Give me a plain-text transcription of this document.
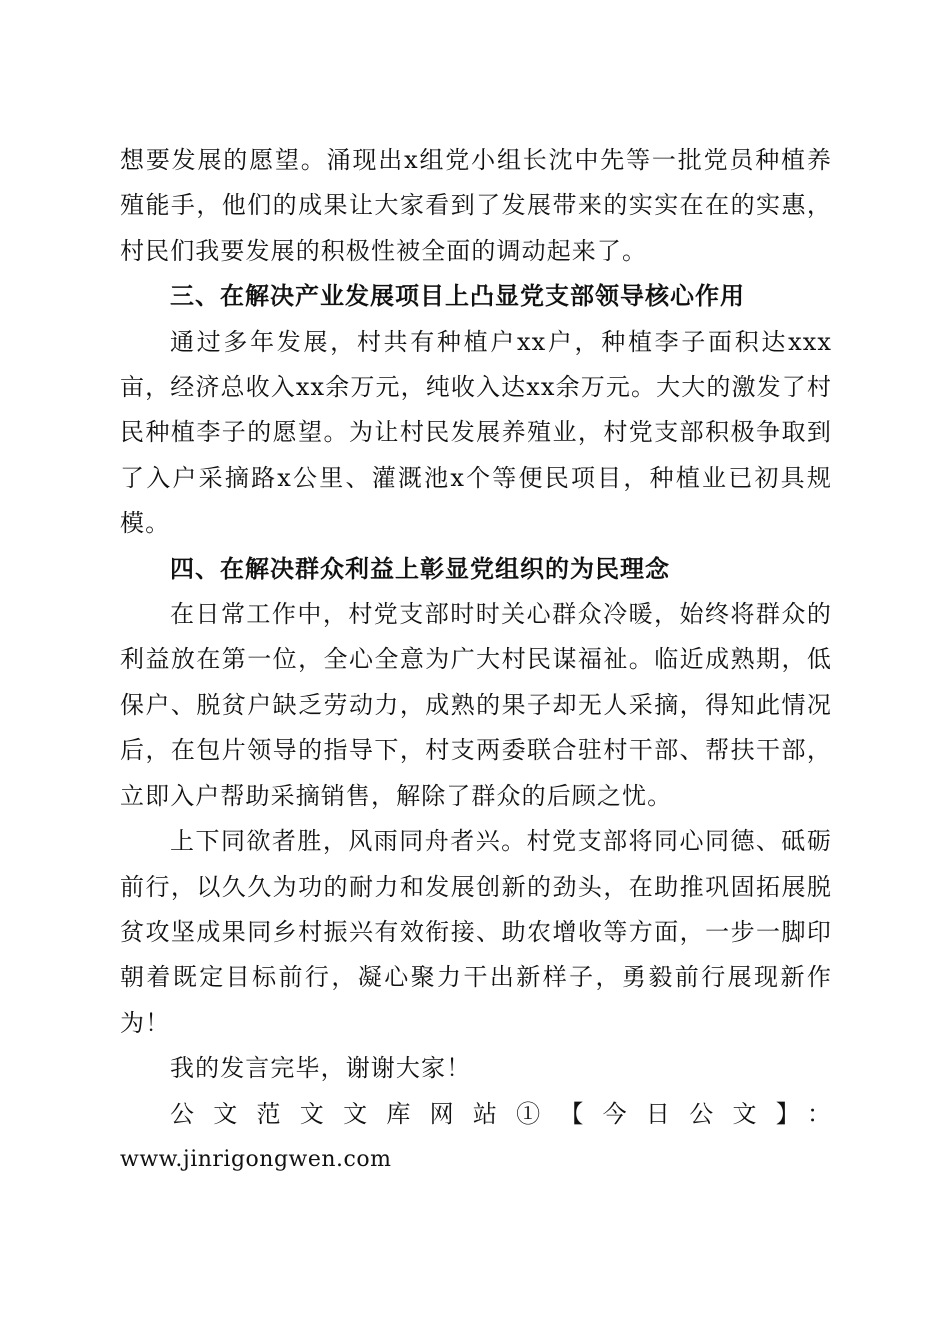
想要发展的愿望。涌现出x组党小组长沈中先等一批党员种植养殖能手，他们的成果让大家看到了发展带来的实实在在的实惠，村民们我要发展的积极性被全面的调动起来了。

三、在解决产业发展项目上凸显党支部领导核心作用

通过多年发展，村共有种植户xx户，种植李子面积达xxx亩，经济总收入xx余万元，纯收入达xx余万元。大大的激发了村民种植李子的愿望。为让村民发展养殖业，村党支部积极争取到了入户采摘路x公里、灌溉池x个等便民项目，种植业已初具规模。

四、在解决群众利益上彰显党组织的为民理念

在日常工作中，村党支部时时关心群众冷暖，始终将群众的利益放在第一位，全心全意为广大村民谋福祉。临近成熟期，低保户、脱贫户缺乏劳动力，成熟的果子却无人采摘，得知此情况后，在包片领导的指导下，村支两委联合驻村干部、帮扶干部，立即入户帮助采摘销售，解除了群众的后顾之忧。

上下同欲者胜，风雨同舟者兴。村党支部将同心同德、砥砺前行，以久久为功的耐力和发展创新的劲头，在助推巩固拓展脱贫攻坚成果同乡村振兴有效衔接、助农增收等方面，一步一脚印朝着既定目标前行，凝心聚力干出新样子，勇毅前行展现新作为！

我的发言完毕，谢谢大家！

公文范文文库网站①【今日公文】：

www.jinrigongwen.com
